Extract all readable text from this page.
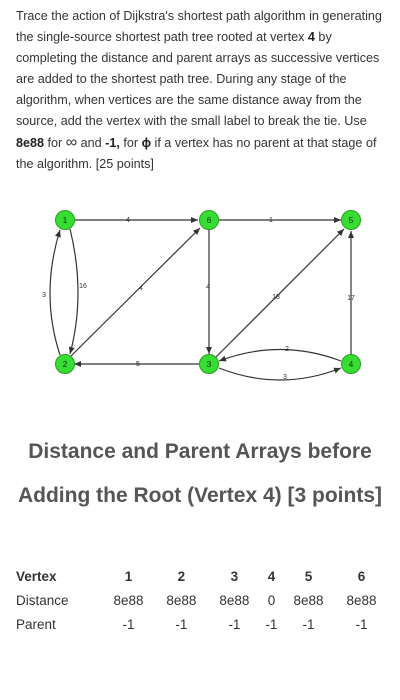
Trace the action of Dijkstra's shortest path algorithm in generating the single-source shortest path tree rooted at vertex 4 by completing the distance and parent arrays as successive vertices are added to the shortest path tree. During any stage of the algorithm, when vertices are the same distance away from the source, add the vertex with the small label to break the tie. Use 8e88 for ∞ and -1, for ϕ if a vertex has no parent at that stage of the algorithm. [25 points]
4	1
16
3
4	4
18	17
5
2
3
1	6	5
2	3	4
Distance and Parent Arrays before Adding the Root (Vertex 4) [3 points]
Vertex	1	2	3	4	5	6
Distance	8e88	8e88	8e88	0	8e88	8e88
Parent	-1	-1	-1	-1	-1	-1
